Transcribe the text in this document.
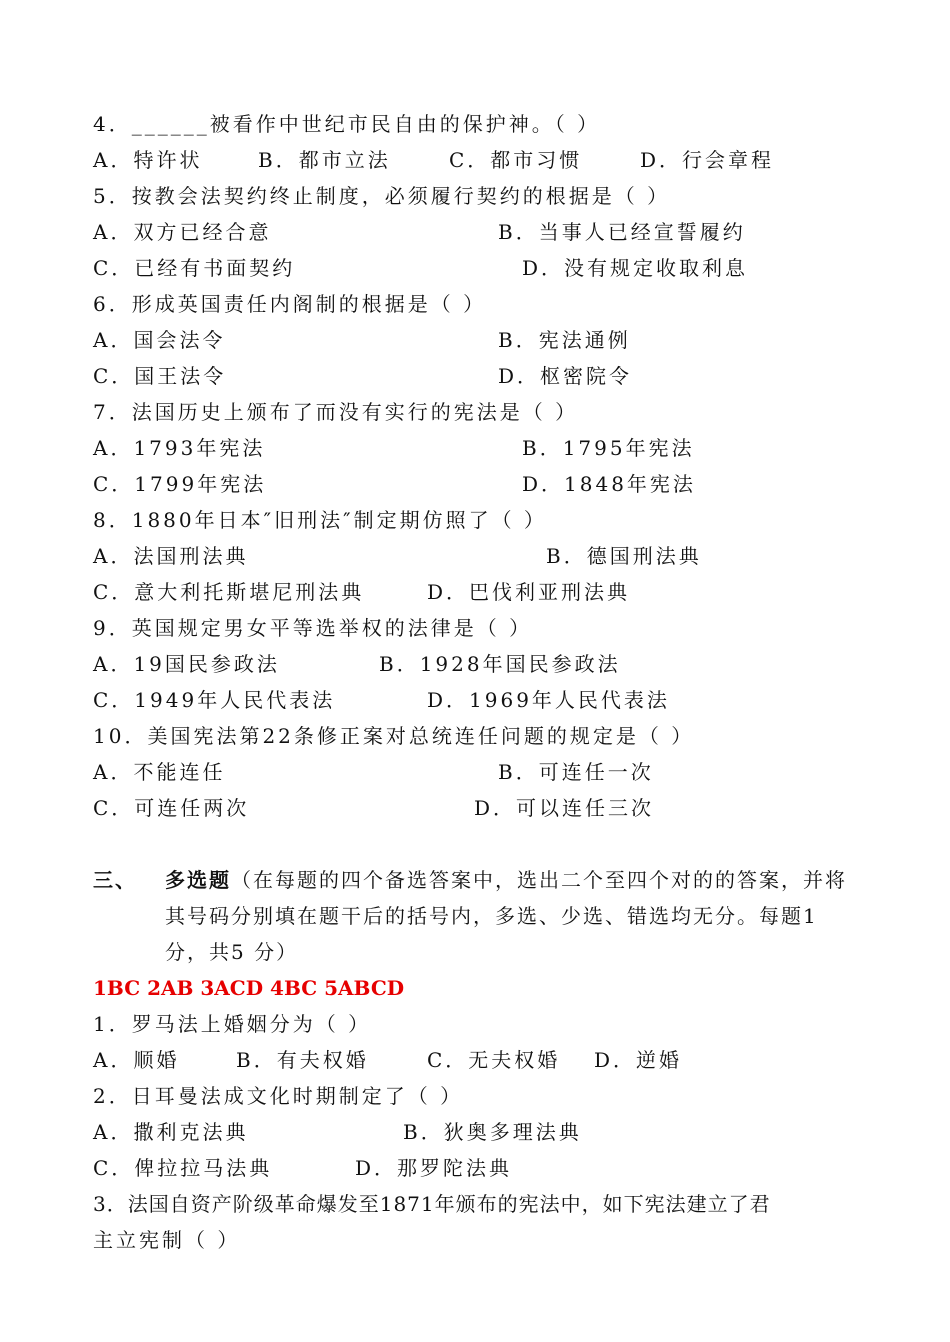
4．______被看作中世纪市民自由的保护神。（ ）
A．特许状	B．都市立法	C．都市习惯	D．行会章程
5．按教会法契约终止制度，必须履行契约的根据是（ ）
A．双方已经合意	B．当事人已经宣誓履约
C．已经有书面契约	D．没有规定收取利息
6．形成英国责任内阁制的根据是（ ）
A．国会法令	B．宪法通例
C．国王法令	D．枢密院令
7．法国历史上颁布了而没有实行的宪法是（ ）
A．1793年宪法	B．1795年宪法
C．1799年宪法	D．1848年宪法
8．1880年日本″旧刑法″制定期仿照了（ ）
A．法国刑法典	B．德国刑法典
C．意大利托斯堪尼刑法典	D．巴伐利亚刑法典
9．英国规定男女平等选举权的法律是（ ）
A．19国民参政法	B．1928年国民参政法
C．1949年人民代表法	D．1969年人民代表法
10．美国宪法第22条修正案对总统连任问题的规定是（ ）
A．不能连任	B．可连任一次
C．可连任两次	D．可以连任三次
三、 多选题（在每题的四个备选答案中，选出二个至四个对的的答案，并将其号码分别填在题干后的括号内，多选、少选、错选均无分。每题1 分，共5 分）
1BC 2AB 3ACD 4BC 5ABCD
1．罗马法上婚姻分为（ ）
A．顺婚	B．有夫权婚	C．无夫权婚 D．逆婚
2．日耳曼法成文化时期制定了（ ）
A．撒利克法典	B．狄奥多理法典
C．俾拉拉马法典	D．那罗陀法典
3．法国自资产阶级革命爆发至1871年颁布的宪法中，如下宪法建立了君
主立宪制（ ）
